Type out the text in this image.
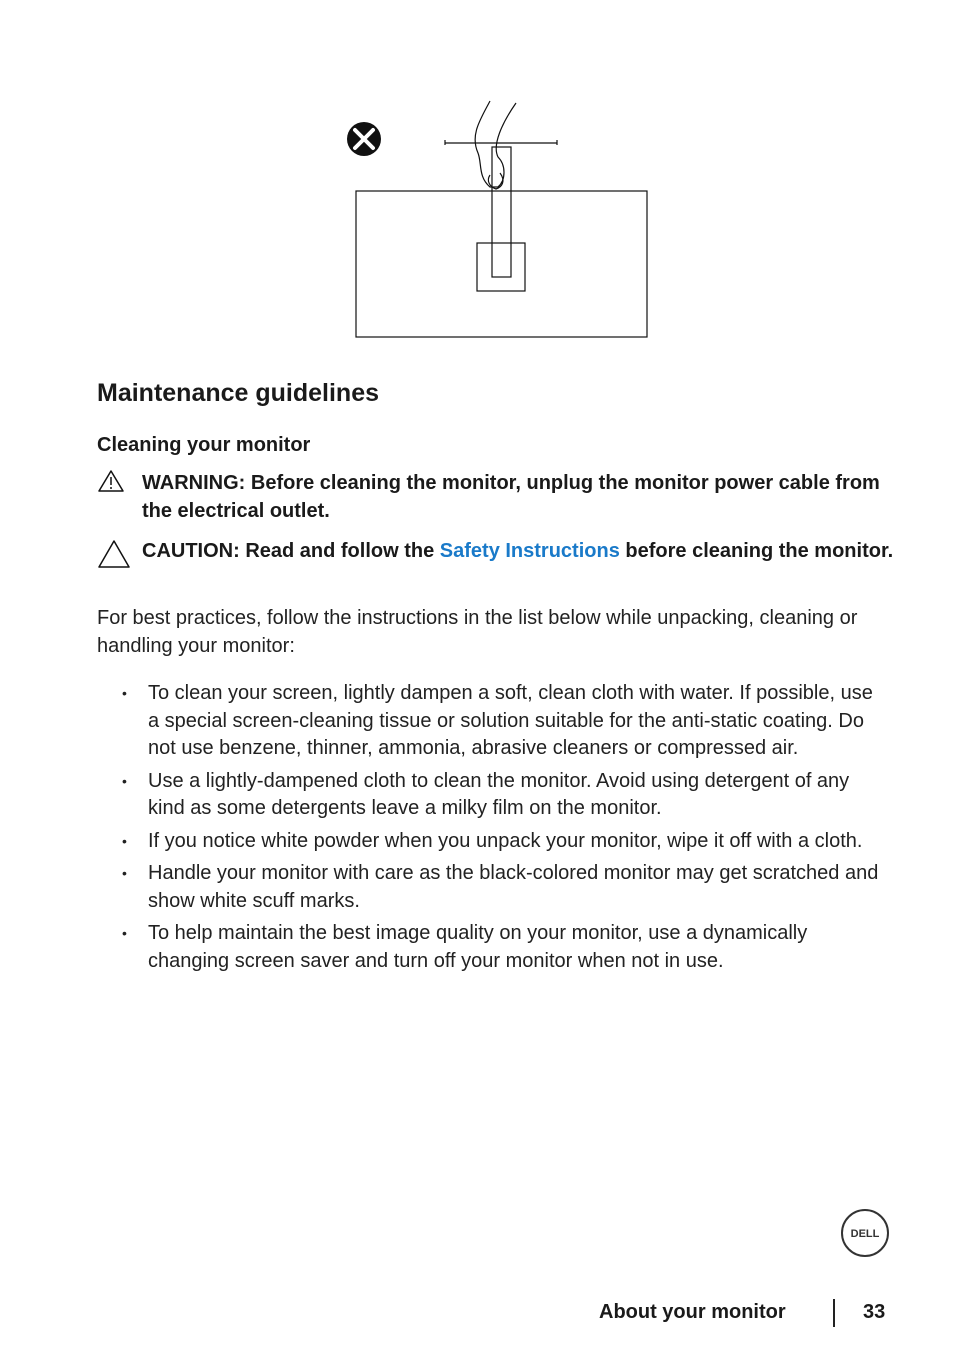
Maintenance guidelines
Cleaning your monitor
WARNING: Before cleaning the monitor, unplug the monitor power cable from the electrical outlet.
CAUTION: Read and follow the Safety Instructions before cleaning the monitor.

For best practices, follow the instructions in the list below while unpacking, cleaning or handling your monitor:

• To clean your screen, lightly dampen a soft, clean cloth with water. If possible, use a special screen-cleaning tissue or solution suitable for the anti-static coating. Do not use benzene, thinner, ammonia, abrasive cleaners or compressed air.
• Use a lightly-dampened cloth to clean the monitor. Avoid using detergent of any kind as some detergents leave a milky film on the monitor.
• If you notice white powder when you unpack your monitor, wipe it off with a cloth.
• Handle your monitor with care as the black-colored monitor may get scratched and show white scuff marks.
• To help maintain the best image quality on your monitor, use a dynamically changing screen saver and turn off your monitor when not in use.
DELL
About your monitor	33
